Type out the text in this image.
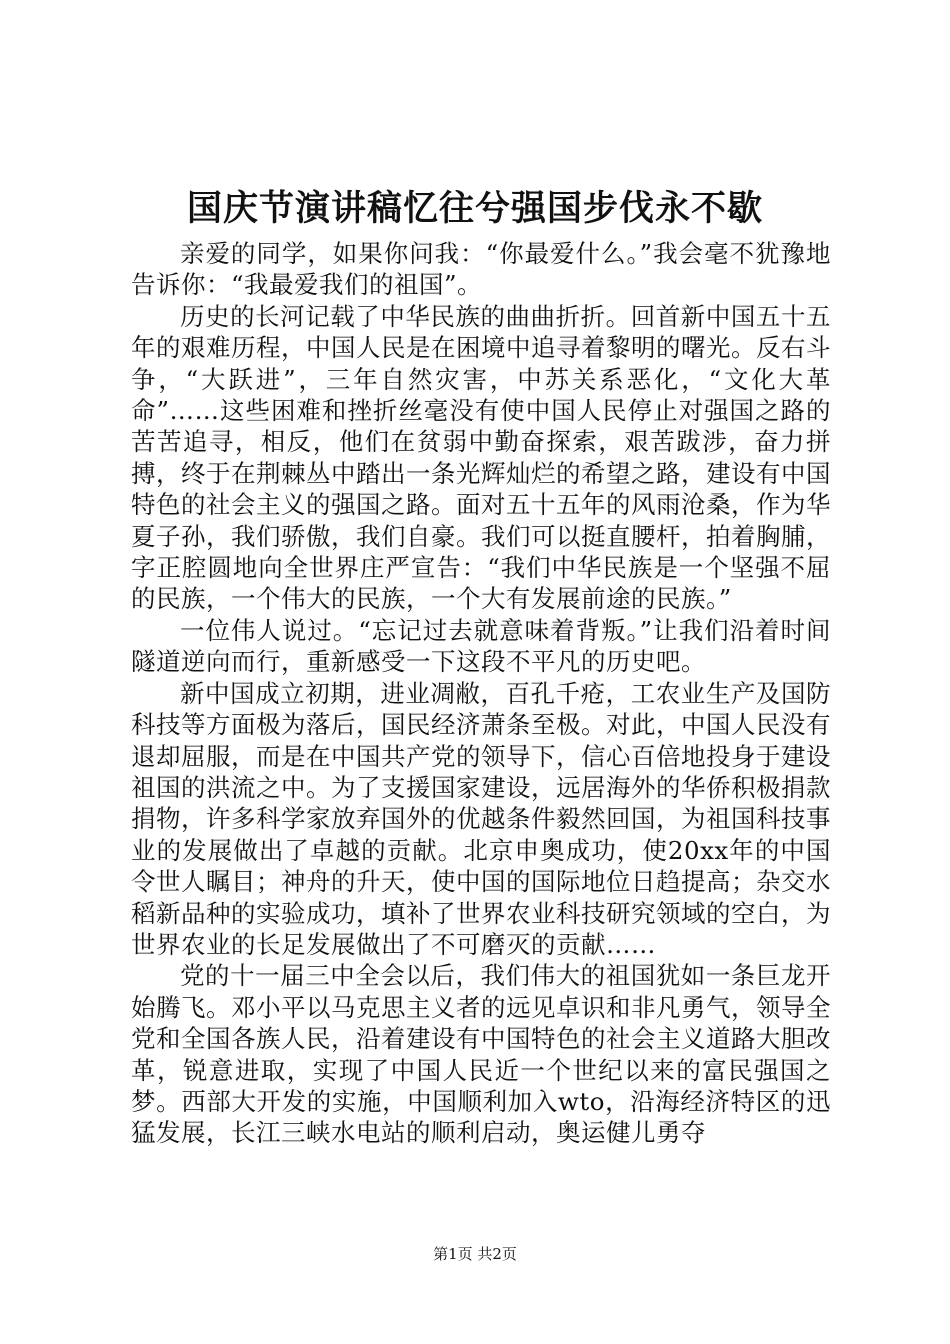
国庆节演讲稿忆往兮强国步伐永不歇

亲爱的同学，如果你问我：“你最爱什么。”我会毫不犹豫地告诉你：“我最爱我们的祖国”。

历史的长河记载了中华民族的曲曲折折。回首新中国五十五年的艰难历程，中国人民是在困境中追寻着黎明的曙光。反右斗争，“大跃进”，三年自然灾害，中苏关系恶化，“文化大革命”……这些困难和挫折丝毫没有使中国人民停止对强国之路的苦苦追寻，相反，他们在贫弱中勤奋探索，艰苦跋涉，奋力拼搏，终于在荆棘丛中踏出一条光辉灿烂的希望之路，建设有中国特色的社会主义的强国之路。面对五十五年的风雨沧桑，作为华夏子孙，我们骄傲，我们自豪。我们可以挺直腰杆，拍着胸脯，字正腔圆地向全世界庄严宣告：“我们中华民族是一个坚强不屈的民族，一个伟大的民族，一个大有发展前途的民族。”

一位伟人说过。“忘记过去就意味着背叛。”让我们沿着时间隧道逆向而行，重新感受一下这段不平凡的历史吧。

新中国成立初期，进业凋敝，百孔千疮，工农业生产及国防科技等方面极为落后，国民经济萧条至极。对此，中国人民没有退却屈服，而是在中国共产党的领导下，信心百倍地投身于建设祖国的洪流之中。为了支援国家建设，远居海外的华侨积极捐款捐物，许多科学家放弃国外的优越条件毅然回国，为祖国科技事业的发展做出了卓越的贡献。北京申奥成功，使20xx年的中国令世人瞩目；神舟的升天，使中国的国际地位日趋提高；杂交水稻新品种的实验成功，填补了世界农业科技研究领域的空白，为世界农业的长足发展做出了不可磨灭的贡献……

党的十一届三中全会以后，我们伟大的祖国犹如一条巨龙开始腾飞。邓小平以马克思主义者的远见卓识和非凡勇气，领导全党和全国各族人民，沿着建设有中国特色的社会主义道路大胆改革，锐意进取，实现了中国人民近一个世纪以来的富民强国之梦。西部大开发的实施，中国顺利加入wto，沿海经济特区的迅猛发展，长江三峡水电站的顺利启动，奥运健儿勇夺

第1页 共2页
